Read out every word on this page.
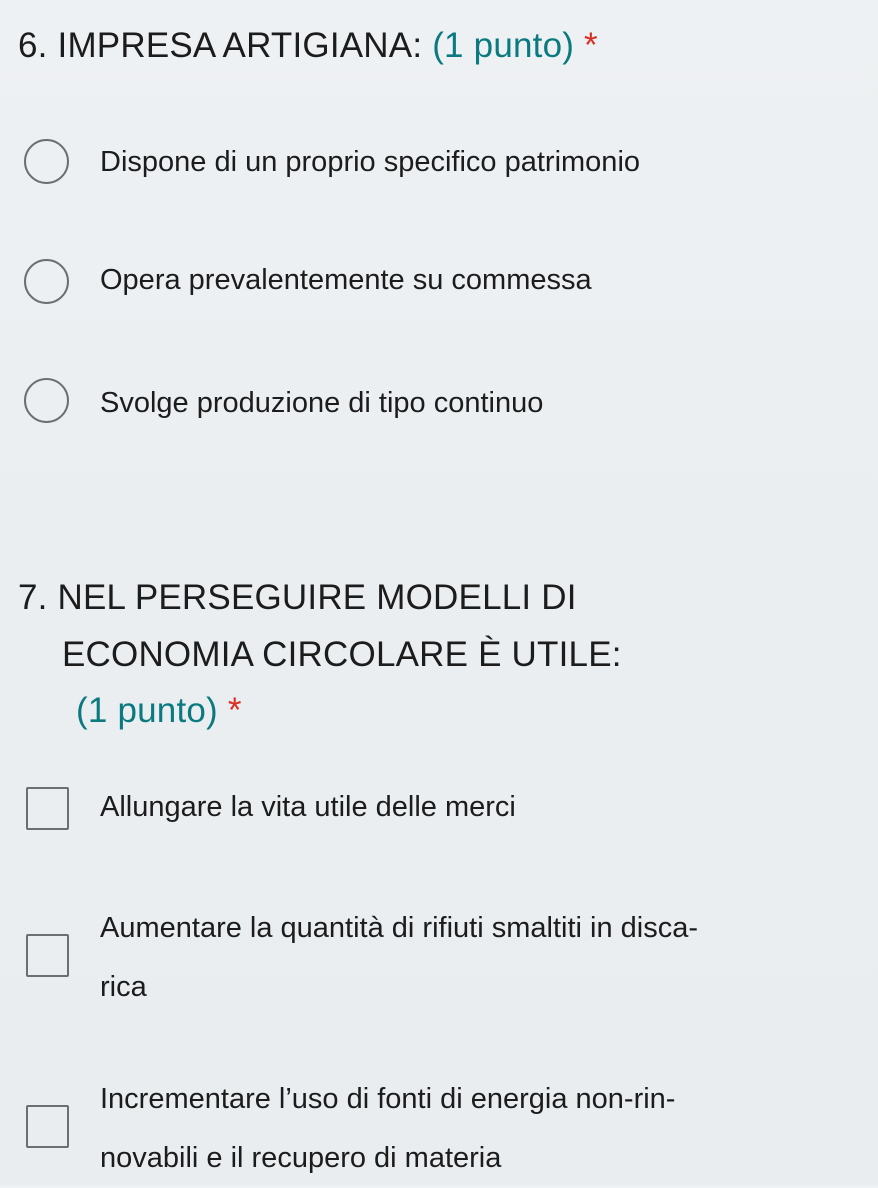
6. IMPRESA ARTIGIANA: (1 punto) *
Dispone di un proprio specifico patrimonio
Opera prevalentemente su commessa
Svolge produzione di tipo continuo
7. NEL PERSEGUIRE MODELLI DI
ECONOMIA CIRCOLARE È UTILE:
(1 punto) *
Allungare la vita utile delle merci
Aumentare la quantità di rifiuti smaltiti in disca-
rica
Incrementare l’uso di fonti di energia non-rin-
novabili e il recupero di materia
